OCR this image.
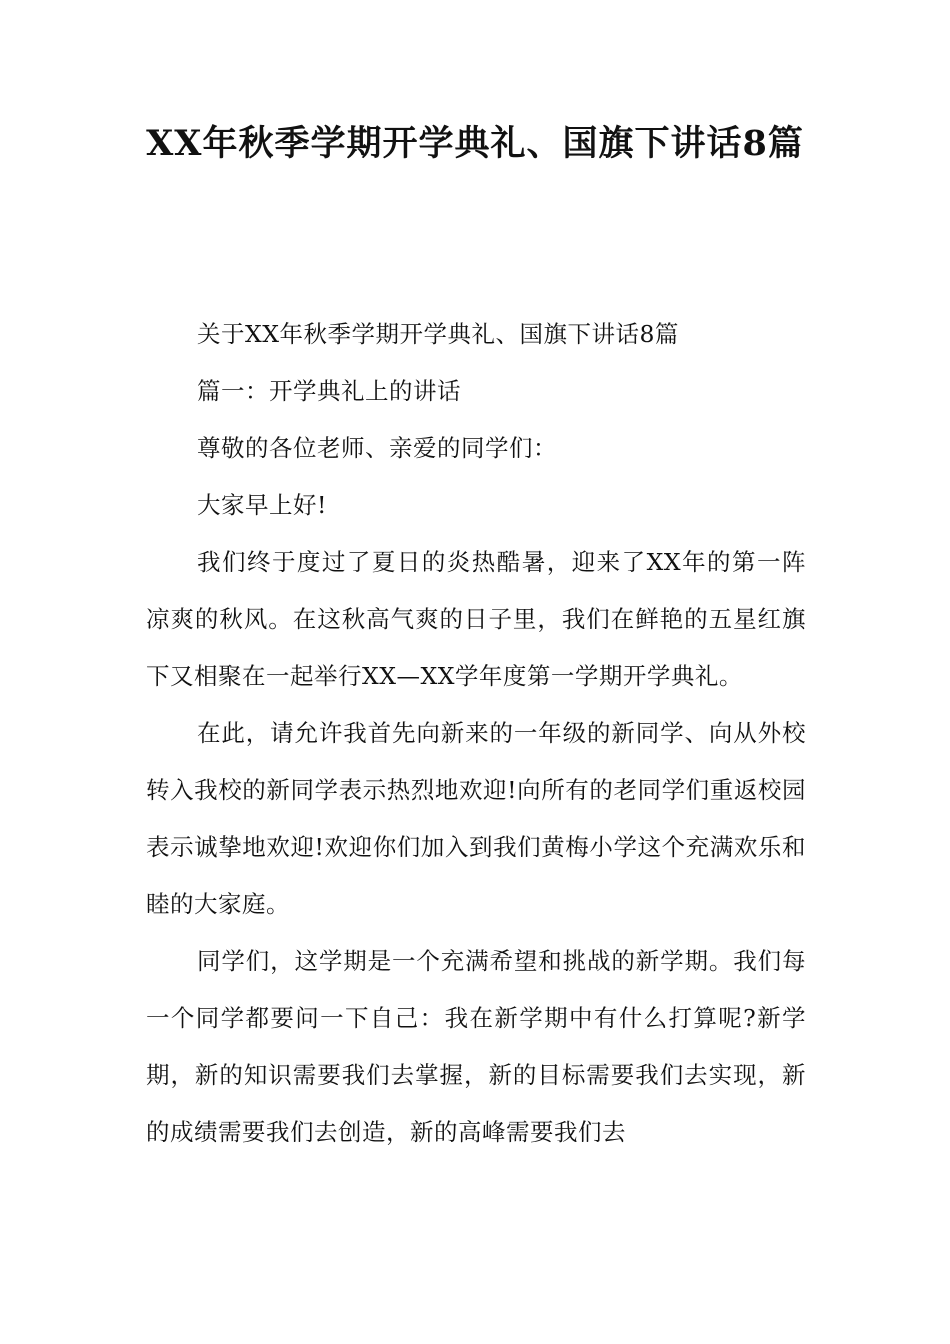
XX年秋季学期开学典礼、国旗下讲话8篇

关于XX年秋季学期开学典礼、国旗下讲话8篇

篇一：开学典礼上的讲话

尊敬的各位老师、亲爱的同学们：

大家早上好!

我们终于度过了夏日的炎热酷暑，迎来了XX年的第一阵凉爽的秋风。在这秋高气爽的日子里，我们在鲜艳的五星红旗下又相聚在一起举行XX—XX学年度第一学期开学典礼。

在此，请允许我首先向新来的一年级的新同学、向从外校转入我校的新同学表示热烈地欢迎!向所有的老同学们重返校园表示诚挚地欢迎!欢迎你们加入到我们黄梅小学这个充满欢乐和睦的大家庭。

同学们，这学期是一个充满希望和挑战的新学期。我们每一个同学都要问一下自己：我在新学期中有什么打算呢?新学期，新的知识需要我们去掌握，新的目标需要我们去实现，新的成绩需要我们去创造，新的高峰需要我们去
